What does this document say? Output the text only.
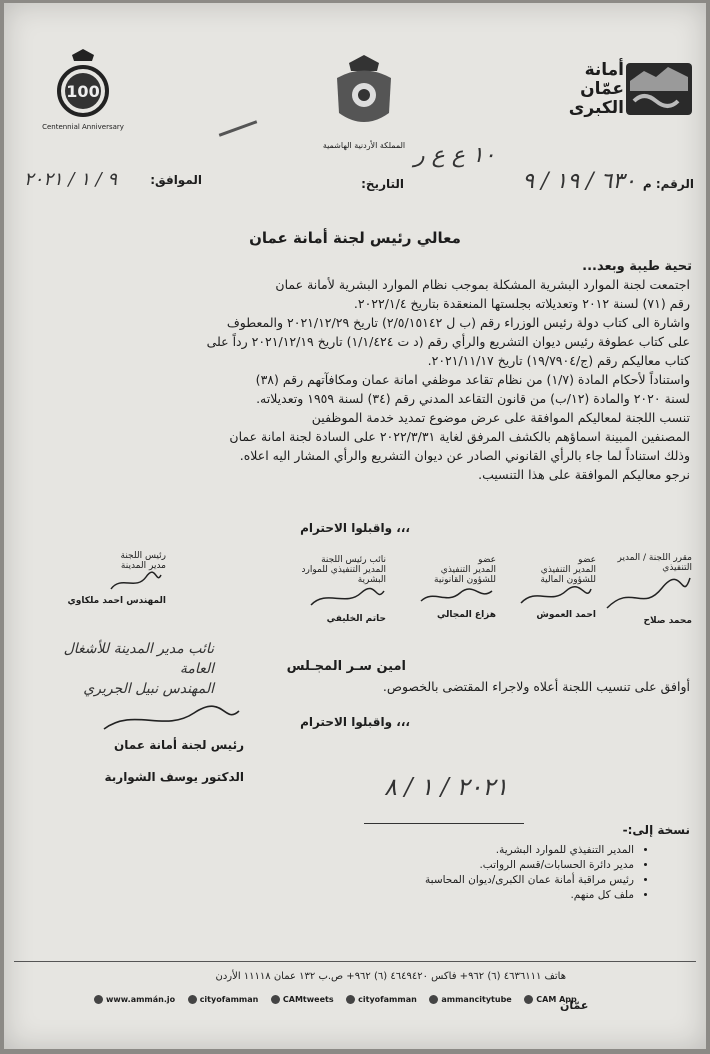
أمانة
عمّان
الكبرى
المملكة الأردنية الهاشمية
100
Centennial Anniversary
١٠ ع ع ر
الرقم: م
٦٣٠ / ١٩ / ٩
التاريخ:
الموافق:
٩ / ١ / ٢٠٢١
معالي رئيس لجنة أمانة عمان
تحية طيبة وبعد...
اجتمعت لجنة الموارد البشرية المشكلة بموجب نظام الموارد البشرية لأمانة عمان
رقم (٧١) لسنة ٢٠١٢ وتعديلاته بجلستها المنعقدة بتاريخ ٢٠٢٢/١/٤.
واشارة الى كتاب دولة رئيس الوزراء رقم (ب ل ٢/٥/١٥١٤٢) تاريخ ٢٠٢١/١٢/٢٩ والمعطوف
على كتاب عطوفة رئيس ديوان التشريع والرأي رقم (د ت ١/١/٤٢٤) تاريخ ٢٠٢١/١٢/١٩ رداً على
كتاب معاليكم رقم (ج/١٩/٧٩٠٤) تاريخ ٢٠٢١/١١/١٧.
واستناداً لأحكام المادة (١/٧) من نظام تقاعد موظفي امانة عمان ومكافآتهم رقم (٣٨)
لسنة ٢٠٢٠ والمادة (١٢/ب) من قانون التقاعد المدني رقم (٣٤) لسنة ١٩٥٩ وتعديلاته.
تنسب اللجنة لمعاليكم الموافقة على عرض موضوع تمديد خدمة الموظفين
المصنفين المبينة اسماؤهم بالكشف المرفق لغاية ٢٠٢٢/٣/٣١ على السادة لجنة امانة عمان
وذلك استناداً لما جاء بالرأي القانوني الصادر عن ديوان التشريع والرأي المشار اليه اعلاه.
نرجو معاليكم الموافقة على هذا التنسيب.
واقبلوا الاحترام ،،،
مقرر اللجنة / المدير التنفيذي
محمد صلاح
عضو
المدير التنفيذي
للشؤون المالية
احمد العموش
عضو
المدير التنفيذي
للشؤون القانونية
هزاع المجالي
نائب رئيس اللجنة
المدير التنفيذي للموارد
البشرية
حاتم الخليفي
رئيس اللجنة
مدير المدينة
المهندس احمد ملكاوي
نائب مدير المدينة للأشغال العامة
المهندس نبيل الجريري
امين سـر المجـلس
أوافق على تنسيب اللجنة أعلاه ولاجراء المقتضى بالخصوص.
واقبلوا الاحترام ،،،
رئيس لجنة أمانة عمان
الدكتور يوسف الشواربة	٢٠٢١ / ١ / ٨
نسخة إلى:-
• المدير التنفيذي للموارد البشرية.
• مدير دائرة الحسابات/قسم الرواتب.
• رئيس مراقبة أمانة عمان الكبرى/ديوان المحاسبة
• ملف كل منهم.
هاتف ٤٦٣٦١١١ (٦) ٩٦٢+ فاكس ٤٦٤٩٤٢٠ (٦) ٩٦٢+ ص.ب ١٣٢ عمان ١١١١٨ الأردن
www.ammán.jo
	cityofamman
	CAMtweets
	cityofamman
	ammancitytube
	CAM App
عمّان
